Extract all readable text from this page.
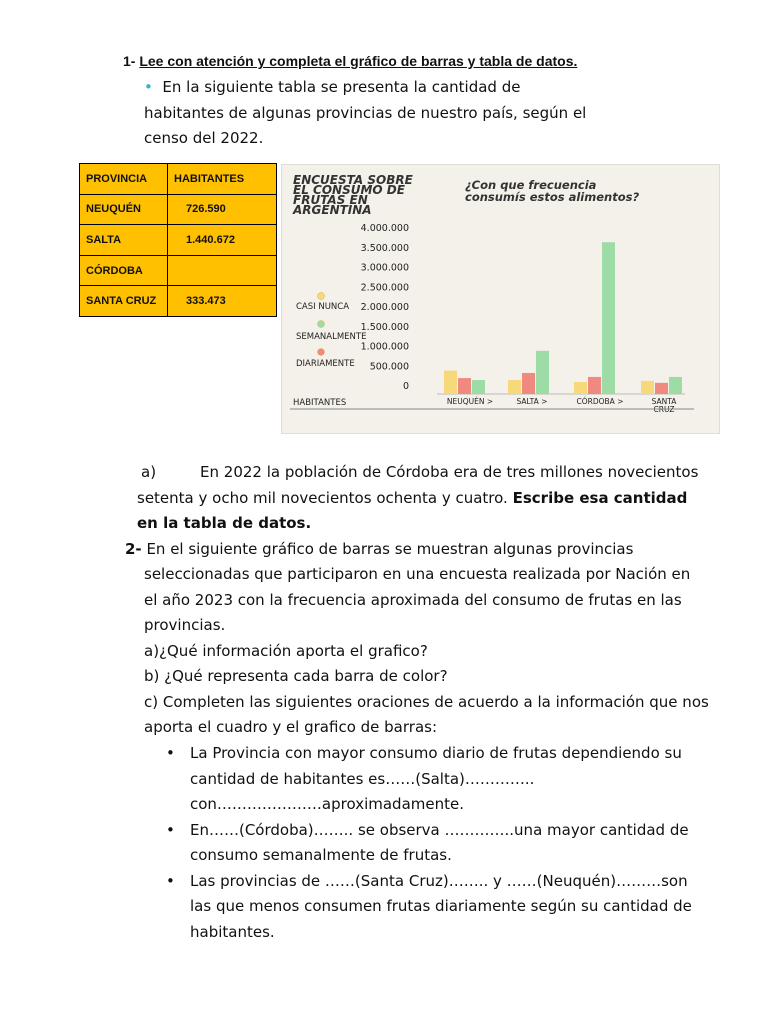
1- Lee con atención y completa el gráfico de barras y tabla de datos.
• En la siguiente tabla se presenta la cantidad de
habitantes de algunas provincias de nuestro país, según el
censo del 2022.
PROVINCIA	HABITANTES
NEUQUÉN	726.590
SALTA	1.440.672
CÓRDOBA	
SANTA CRUZ	333.473
ENCUESTA SOBRE
EL CONSUMO DE
FRUTAS EN
ARGENTINA
¿Con que frecuencia
consumís estos alimentos?
0
500.000
1.000.000
1.500.000
2.000.000
2.500.000
3.000.000
3.500.000
4.000.000
NEUQUÉN >	SALTA >	CÓRDOBA >	SANTA
CRUZ
HABITANTES
CASI NUNCA
SEMANALMENTE
DIARIAMENTE
a)	En 2022 la población de Córdoba era de tres millones novecientos
setenta y ocho mil novecientos ochenta y cuatro. Escribe esa cantidad
en la tabla de datos.
2- En el siguiente gráfico de barras se muestran algunas provincias
seleccionadas que participaron en una encuesta realizada por Nación en
el año 2023 con la frecuencia aproximada del consumo de frutas en las
provincias.
a)¿Qué información aporta el grafico?
b) ¿Qué representa cada barra de color?
c) Completen las siguientes oraciones de acuerdo a la información que nos
aporta el cuadro y el grafico de barras:
• La Provincia con mayor consumo diario de frutas dependiendo su
cantidad de habitantes es……(Salta)…………..
con…………………aproximadamente.
• En……(Córdoba)…….. se observa …………..una mayor cantidad de
consumo semanalmente de frutas.
• Las provincias de ……(Santa Cruz)…….. y ……(Neuquén)………son
las que menos consumen frutas diariamente según su cantidad de
habitantes.
